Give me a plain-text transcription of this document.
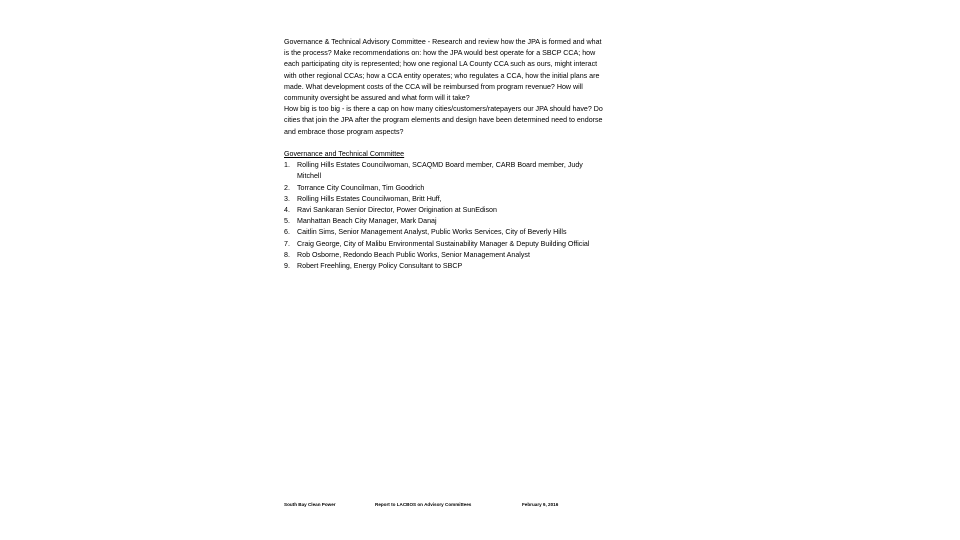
Governance & Technical Advisory Committee - Research and review how the JPA is formed and what is the process? Make recommendations on: how the JPA would best operate for a SBCP CCA; how each participating city is represented; how one regional LA County CCA such as ours, might interact with other regional CCAs; how a CCA entity operates; who regulates a CCA, how the initial plans are made. What development costs of the CCA will be reimbursed from program revenue? How will community oversight be assured and what form will it take?

How big is too big - is there a cap on how many cities/customers/ratepayers our JPA should have? Do cities that join the JPA after the program elements and design have been determined need to endorse and embrace those program aspects?

Governance and Technical Committee

1. Rolling Hills Estates Councilwoman, SCAQMD Board member, CARB Board member, Judy Mitchell
2. Torrance City Councilman, Tim Goodrich
3. Rolling Hills Estates Councilwoman, Britt Huff,
4. Ravi Sankaran Senior Director, Power Origination at SunEdison
5. Manhattan Beach City Manager, Mark Danaj
6. Caitlin Sims, Senior Management Analyst, Public Works Services, City of Beverly Hills
7. Craig George, City of Malibu Environmental Sustainability Manager & Deputy Building Official
8. Rob Osborne, Redondo Beach Public Works, Senior Management Analyst
9. Robert Freehling, Energy Policy Consultant to SBCP
South Bay Clean Power	Report to LACBOS on Advisory Committees	February 9, 2016
